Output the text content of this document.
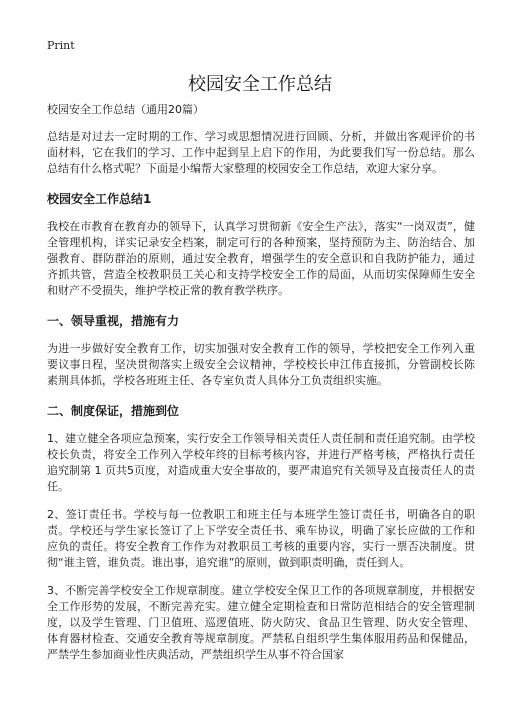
Print
校园安全工作总结

校园安全工作总结（通用20篇）

总结是对过去一定时期的工作、学习或思想情况进行回顾、分析，并做出客观评价的书面材料，它在我们的学习、工作中起到呈上启下的作用，为此要我们写一份总结。那么总结有什么格式呢？下面是小编帮大家整理的校园安全工作总结，欢迎大家分享。

校园安全工作总结1

我校在市教育在教育办的领导下，认真学习贯彻新《安全生产法》，落实“一岗双责”，健全管理机构，详实记录安全档案，制定可行的各种预案，坚持预防为主、防治结合、加强教育、群防群治的原则，通过安全教育，增强学生的安全意识和自我防护能力，通过齐抓共管，营造全校教职员工关心和支持学校安全工作的局面，从而切实保障师生安全和财产不受损失，维护学校正常的教育教学秩序。

一、领导重视，措施有力

为进一步做好安全教育工作，切实加强对安全教育工作的领导，学校把安全工作列入重要议事日程，坚决贯彻落实上级安全会议精神，学校校长申江伟直接抓，分管副校长陈素荆具体抓，学校各班班主任、各专室负责人具体分工负责组织实施。

二、制度保证，措施到位

1、建立健全各项应急预案，实行安全工作领导相关责任人责任制和责任追究制。由学校校长负责，将安全工作列入学校年终的目标考核内容，并进行严格考核，严格执行责任追究制第 1 页共5页度，对造成重大安全事故的，要严肃追究有关领导及直接责任人的责任。

2、签订责任书。学校与每一位教职工和班主任与本班学生签订责任书，明确各自的职责。学校还与学生家长签订了上下学安全责任书、乘车协议，明确了家长应做的工作和应负的责任。将安全教育工作作为对教职员工考核的重要内容，实行一票否决制度。贯彻“谁主管，谁负责。谁出事，追究谁”的原则，做到职责明确，责任到人。

3、不断完善学校安全工作规章制度。建立学校安全保卫工作的各项规章制度，并根据安全工作形势的发展，不断完善充实。建立健全定期检查和日常防范相结合的安全管理制度，以及学生管理、门卫值班、巡逻值班、防火防灾、食品卫生管理、防火安全管理、体育器材检查、交通安全教育等规章制度。严禁私自组织学生集体服用药品和保健品，严禁学生参加商业性庆典活动，严禁组织学生从事不符合国家
